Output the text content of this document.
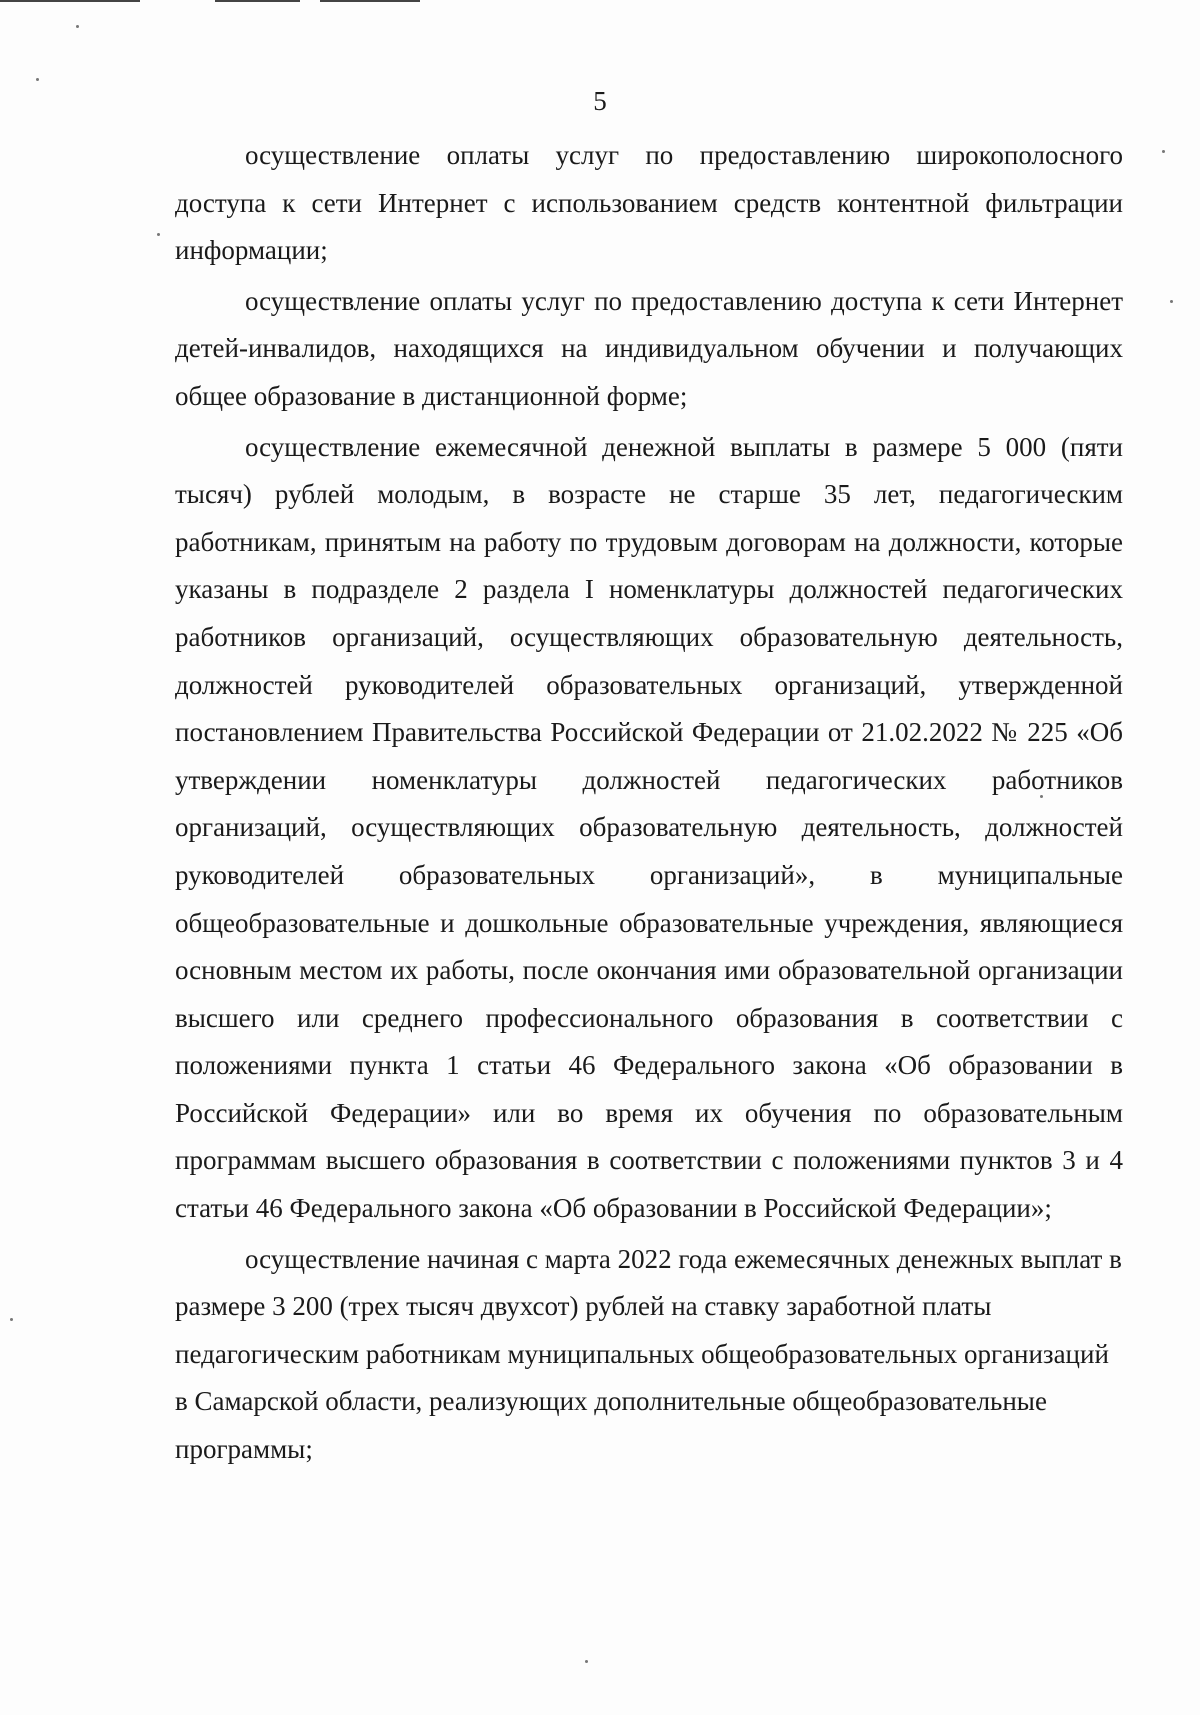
5

осуществление оплаты услуг по предоставлению широкополосного доступа к сети Интернет с использованием средств контентной фильтрации информации;

осуществление оплаты услуг по предоставлению доступа к сети Интернет детей-инвалидов, находящихся на индивидуальном обучении и получающих общее образование в дистанционной форме;

осуществление ежемесячной денежной выплаты в размере 5 000 (пяти тысяч) рублей молодым, в возрасте не старше 35 лет, педагогическим работникам, принятым на работу по трудовым договорам на должности, которые указаны в подразделе 2 раздела I номенклатуры должностей педагогических работников организаций, осуществляющих образовательную деятельность, должностей руководителей образовательных организаций, утвержденной постановлением Правительства Российской Федерации от 21.02.2022 № 225 «Об утверждении номенклатуры должностей педагогических работников организаций, осуществляющих образовательную деятельность, должностей руководителей образовательных организаций», в муниципальные общеобразовательные и дошкольные образовательные учреждения, являющиеся основным местом их работы, после окончания ими образовательной организации высшего или среднего профессионального образования в соответствии с положениями пункта 1 статьи 46 Федерального закона «Об образовании в Российской Федерации» или во время их обучения по образовательным программам высшего образования в соответствии с положениями пунктов 3 и 4 статьи 46 Федерального закона «Об образовании в Российской Федерации»;

осуществление начиная с марта 2022 года ежемесячных денежных выплат в размере 3 200 (трех тысяч двухсот) рублей на ставку заработной платы педагогическим работникам муниципальных общеобразовательных организаций в Самарской области, реализующих дополнительные общеобразовательные программы;
